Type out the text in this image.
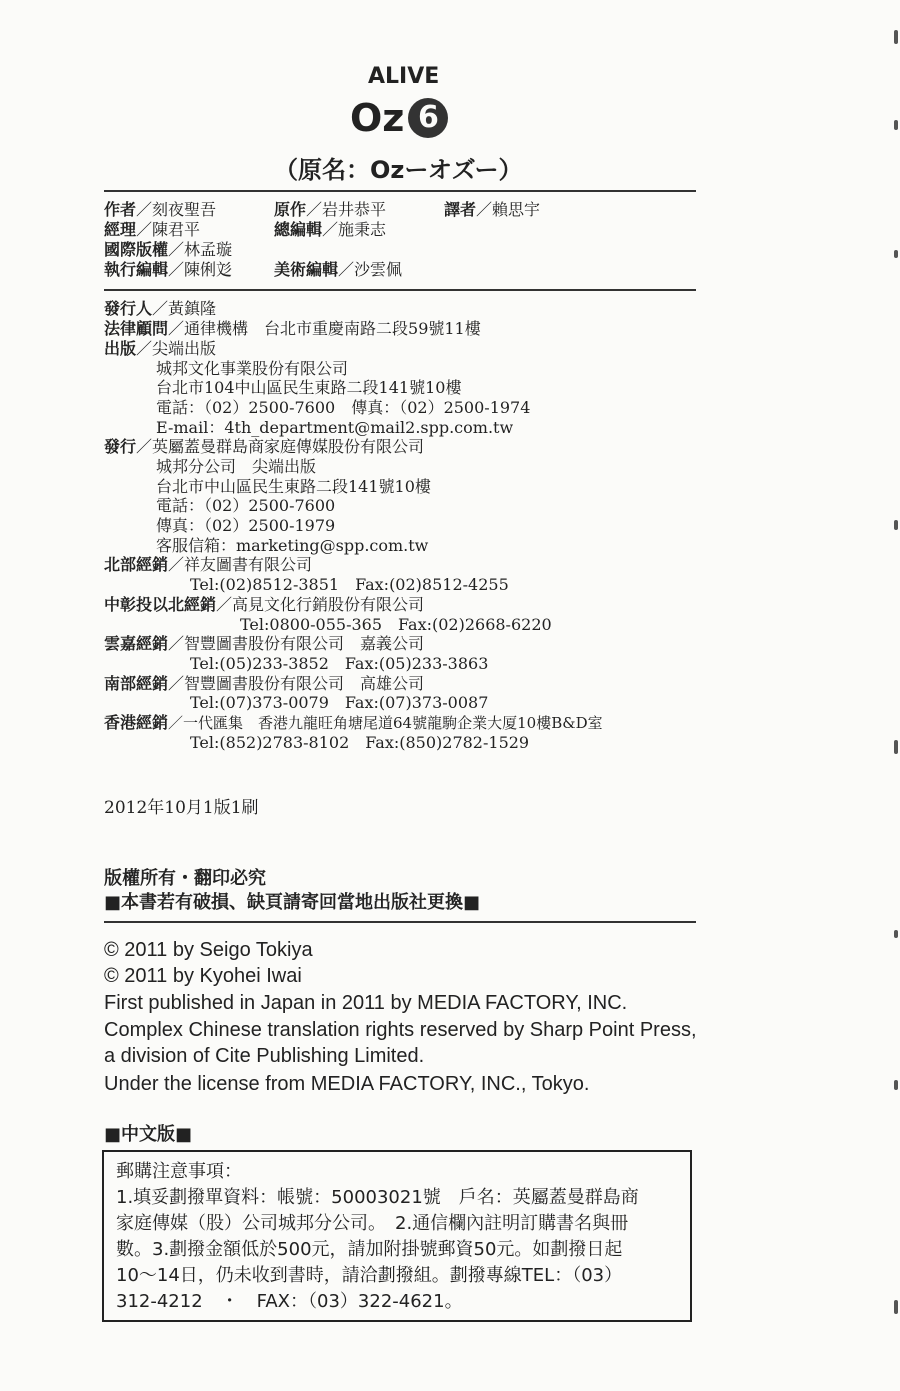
ALIVE
Oz 6
（原名：Ozーオズー）
作者／刻夜聖吾	原作／岩井恭平	譯者／賴思宇
經理／陳君平	總編輯／施秉志
國際版權／林孟璇
執行編輯／陳俐彣	美術編輯／沙雲佩
發行人／黃鎮隆
法律顧問／通律機構　台北市重慶南路二段59號11樓
出版／尖端出版
城邦文化事業股份有限公司
台北市104中山區民生東路二段141號10樓
電話：（02）2500-7600　傳真：（02）2500-1974
E-mail：4th_department@mail2.spp.com.tw
發行／英屬蓋曼群島商家庭傳媒股份有限公司
城邦分公司　尖端出版
台北市中山區民生東路二段141號10樓
電話：（02）2500-7600
傳真：（02）2500-1979
客服信箱：marketing@spp.com.tw
北部經銷／祥友圖書有限公司
Tel:(02)8512-3851　Fax:(02)8512-4255
中彰投以北經銷／高見文化行銷股份有限公司
Tel:0800-055-365　Fax:(02)2668-6220
雲嘉經銷／智豐圖書股份有限公司　嘉義公司
Tel:(05)233-3852　Fax:(05)233-3863
南部經銷／智豐圖書股份有限公司　高雄公司
Tel:(07)373-0079　Fax:(07)373-0087
香港經銷／一代匯集　香港九龍旺角塘尾道64號龍駒企業大厦10樓B&D室
Tel:(852)2783-8102　Fax:(850)2782-1529
2012年10月1版1刷
版權所有・翻印必究
■本書若有破損、缺頁請寄回當地出版社更換■
© 2011 by Seigo Tokiya
© 2011 by Kyohei Iwai
First published in Japan in 2011 by MEDIA FACTORY, INC.
Complex Chinese translation rights reserved by Sharp Point Press,
a division of Cite Publishing Limited.
Under the license from MEDIA FACTORY, INC., Tokyo.
■中文版■
郵購注意事項：
1.填妥劃撥單資料：帳號：50003021號　戶名：英屬蓋曼群島商
家庭傳媒（股）公司城邦分公司。　2.通信欄內註明訂購書名與冊
數。3.劃撥金額低於500元，請加附掛號郵資50元。如劃撥日起
10～14日，仍未收到書時，請洽劃撥組。劃撥專線TEL：（03）
312-4212　・　FAX：（03）322-4621。
